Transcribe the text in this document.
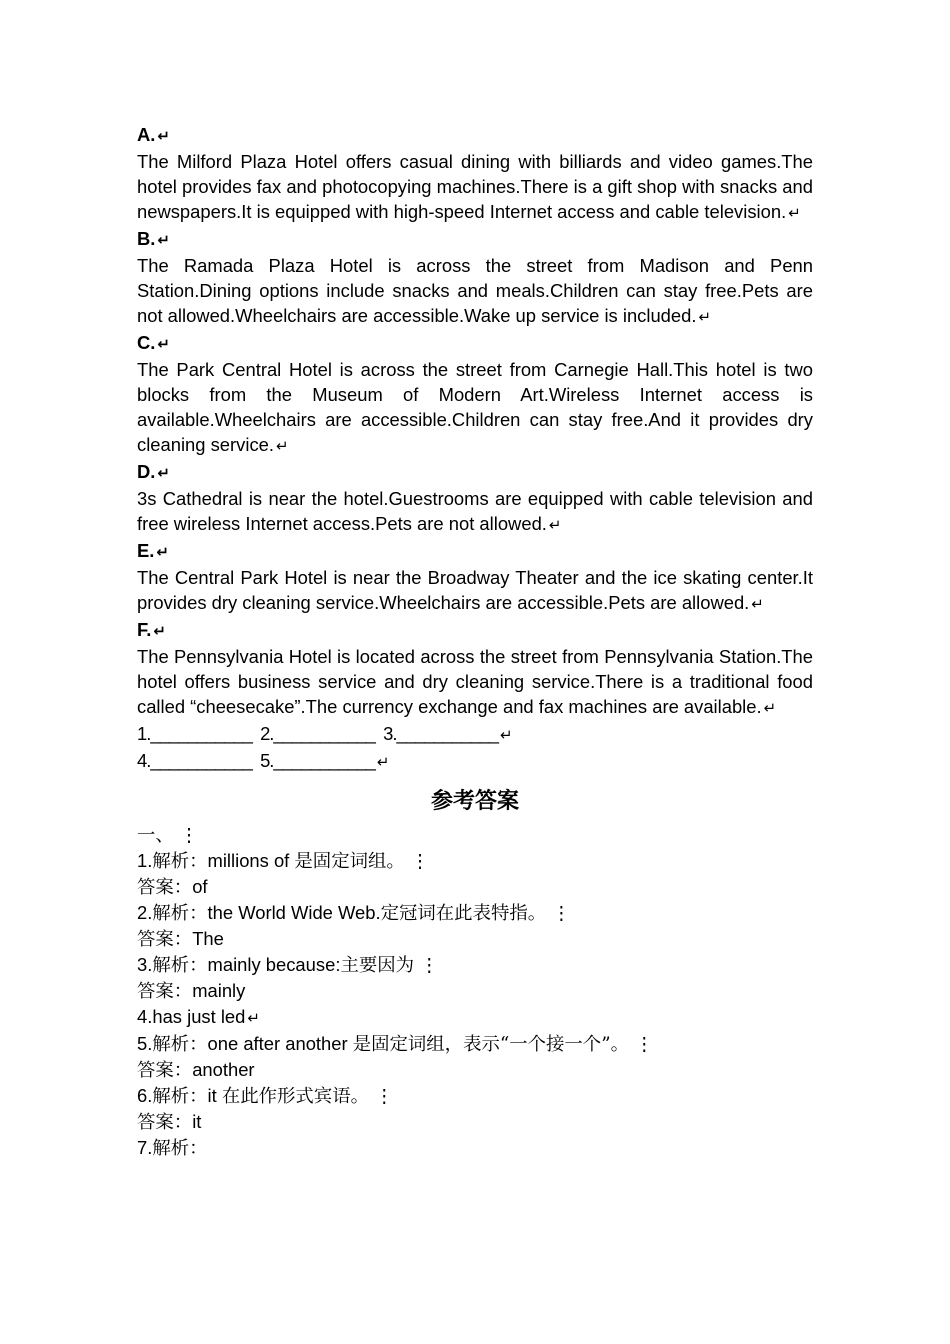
A. ↵

The Milford Plaza Hotel offers casual dining with billiards and video games.The hotel provides fax and photocopying machines.There is a gift shop with snacks and newspapers.It is equipped with high‑speed Internet access and cable television. ↵

B. ↵

The Ramada Plaza Hotel is across the street from Madison and Penn Station.Dining options include snacks and meals.Children can stay free.Pets are not allowed.Wheelchairs are accessible.Wake up service is included. ↵

C. ↵

The Park Central Hotel is across the street from Carnegie Hall.This hotel is two blocks from the Museum of Modern Art.Wireless Internet access is available.Wheelchairs are accessible.Children can stay free.And it provides dry cleaning service. ↵

D. ↵

3s Cathedral is near the hotel.Guestrooms are equipped with cable television and free wireless Internet access.Pets are not allowed. ↵

E. ↵

The Central Park Hotel is near the Broadway Theater and the ice skating center.It provides dry cleaning service.Wheelchairs are accessible.Pets are allowed. ↵

F. ↵

The Pennsylvania Hotel is located across the street from Pennsylvania Station.The hotel offers business service and dry cleaning service.There is a traditional food called “cheesecake”.The currency exchange and fax machines are available. ↵

1.___________  2.___________  3.___________ ↵

4.___________  5.___________ ↵

参考答案

一、 ⋮

1.解析：millions of 是固定词组。 ⋮

答案：of

2.解析：the World Wide Web.定冠词在此表特指。 ⋮

答案：The

3.解析：mainly because:主要因为 ⋮

答案：mainly

4.has just led ↵

5.解析：one after another 是固定词组，表示“一个接一个”。 ⋮

答案：another

6.解析：it 在此作形式宾语。 ⋮

答案：it

7.解析：
